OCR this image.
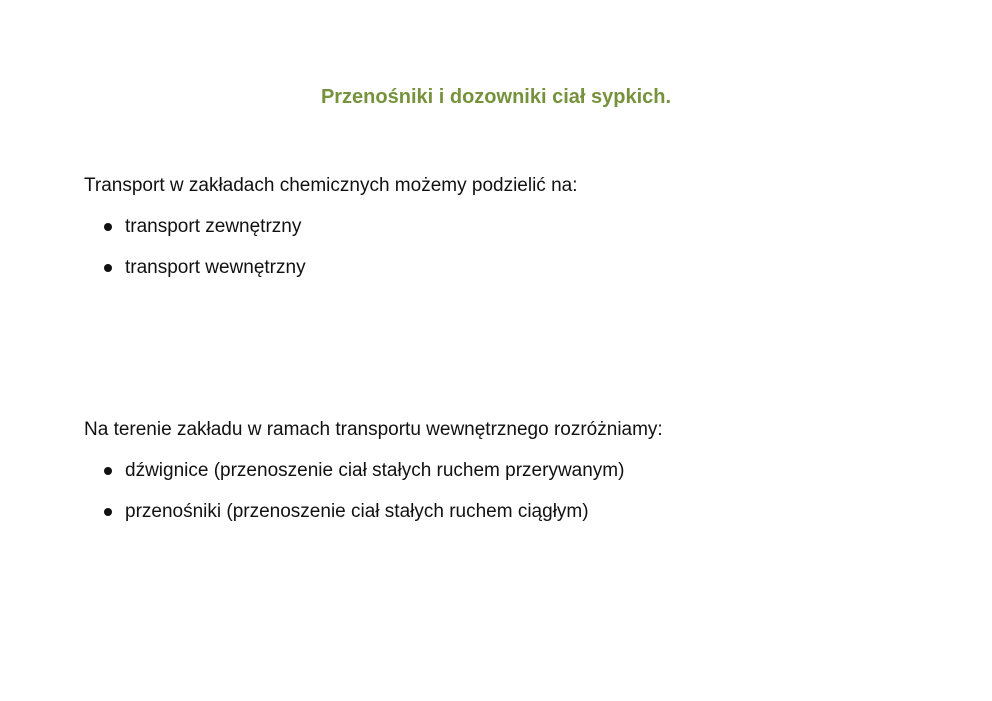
Przenośniki i dozowniki ciał sypkich.

Transport w zakładach chemicznych możemy podzielić na:

transport zewnętrzny
transport wewnętrzny

Na terenie zakładu w ramach transportu wewnętrznego rozróżniamy:

dźwignice (przenoszenie ciał stałych ruchem przerywanym)
przenośniki (przenoszenie ciał stałych ruchem ciągłym)
